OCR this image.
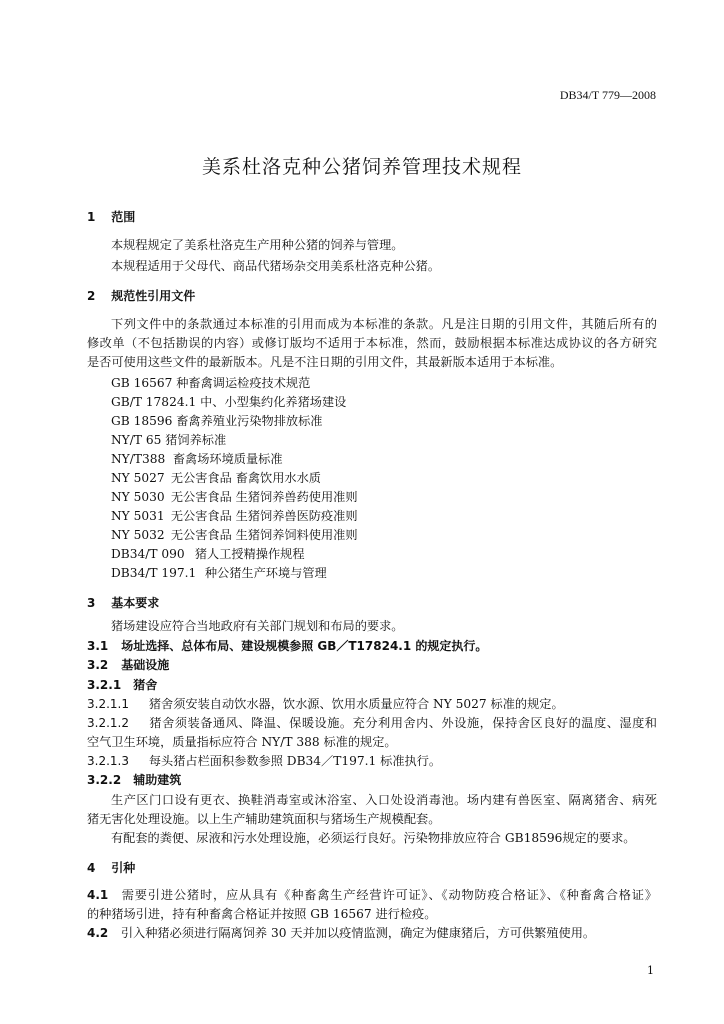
DB34/T 779—2008
美系杜洛克种公猪饲养管理技术规程
1 范围
本规程规定了美系杜洛克生产用种公猪的饲养与管理。
本规程适用于父母代、商品代猪场杂交用美系杜洛克种公猪。
2 规范性引用文件
下列文件中的条款通过本标准的引用而成为本标准的条款。凡是注日期的引用文件，其随后所有的
修改单（不包括勘误的内容）或修订版均不适用于本标准，然而，鼓励根据本标准达成协议的各方研究
是否可使用这些文件的最新版本。凡是不注日期的引用文件，其最新版本适用于本标准。
GB 16567 种畜禽调运检疫技术规范
GB/T 17824.1 中、小型集约化养猪场建设
GB 18596 畜禽养殖业污染物排放标准
NY/T 65 猪饲养标准
NY/T388 畜禽场环境质量标准
NY 5027 无公害食品 畜禽饮用水水质
NY 5030 无公害食品 生猪饲养兽药使用准则
NY 5031 无公害食品 生猪饲养兽医防疫准则
NY 5032 无公害食品 生猪饲养饲料使用准则
DB34/T 090 猪人工授精操作规程
DB34/T 197.1 种公猪生产环境与管理
3 基本要求
猪场建设应符合当地政府有关部门规划和布局的要求。
3.1 场址选择、总体布局、建设规模参照 GB／T17824.1 的规定执行。
3.2 基础设施
3.2.1 猪舍
3.2.1.1 猪舍须安装自动饮水器，饮水源、饮用水质量应符合 NY 5027 标准的规定。
3.2.1.2 猪舍须装备通风、降温、保暖设施。充分利用舍内、外设施，保持舍区良好的温度、湿度和
空气卫生环境，质量指标应符合 NY/T 388 标准的规定。
3.2.1.3 每头猪占栏面积参数参照 DB34／T197.1 标准执行。
3.2.2 辅助建筑
生产区门口设有更衣、换鞋消毒室或沐浴室、入口处设消毒池。场内建有兽医室、隔离猪舍、病死
猪无害化处理设施。以上生产辅助建筑面积与猪场生产规模配套。
有配套的粪便、尿液和污水处理设施，必须运行良好。污染物排放应符合 GB18596规定的要求。
4 引种
4.1 需要引进公猪时，应从具有《种畜禽生产经营许可证》、《动物防疫合格证》、《种畜禽合格证》
的种猪场引进，持有种畜禽合格证并按照 GB 16567 进行检疫。
4.2 引入种猪必须进行隔离饲养 30 天并加以疫情监测，确定为健康猪后，方可供繁殖使用。
1
